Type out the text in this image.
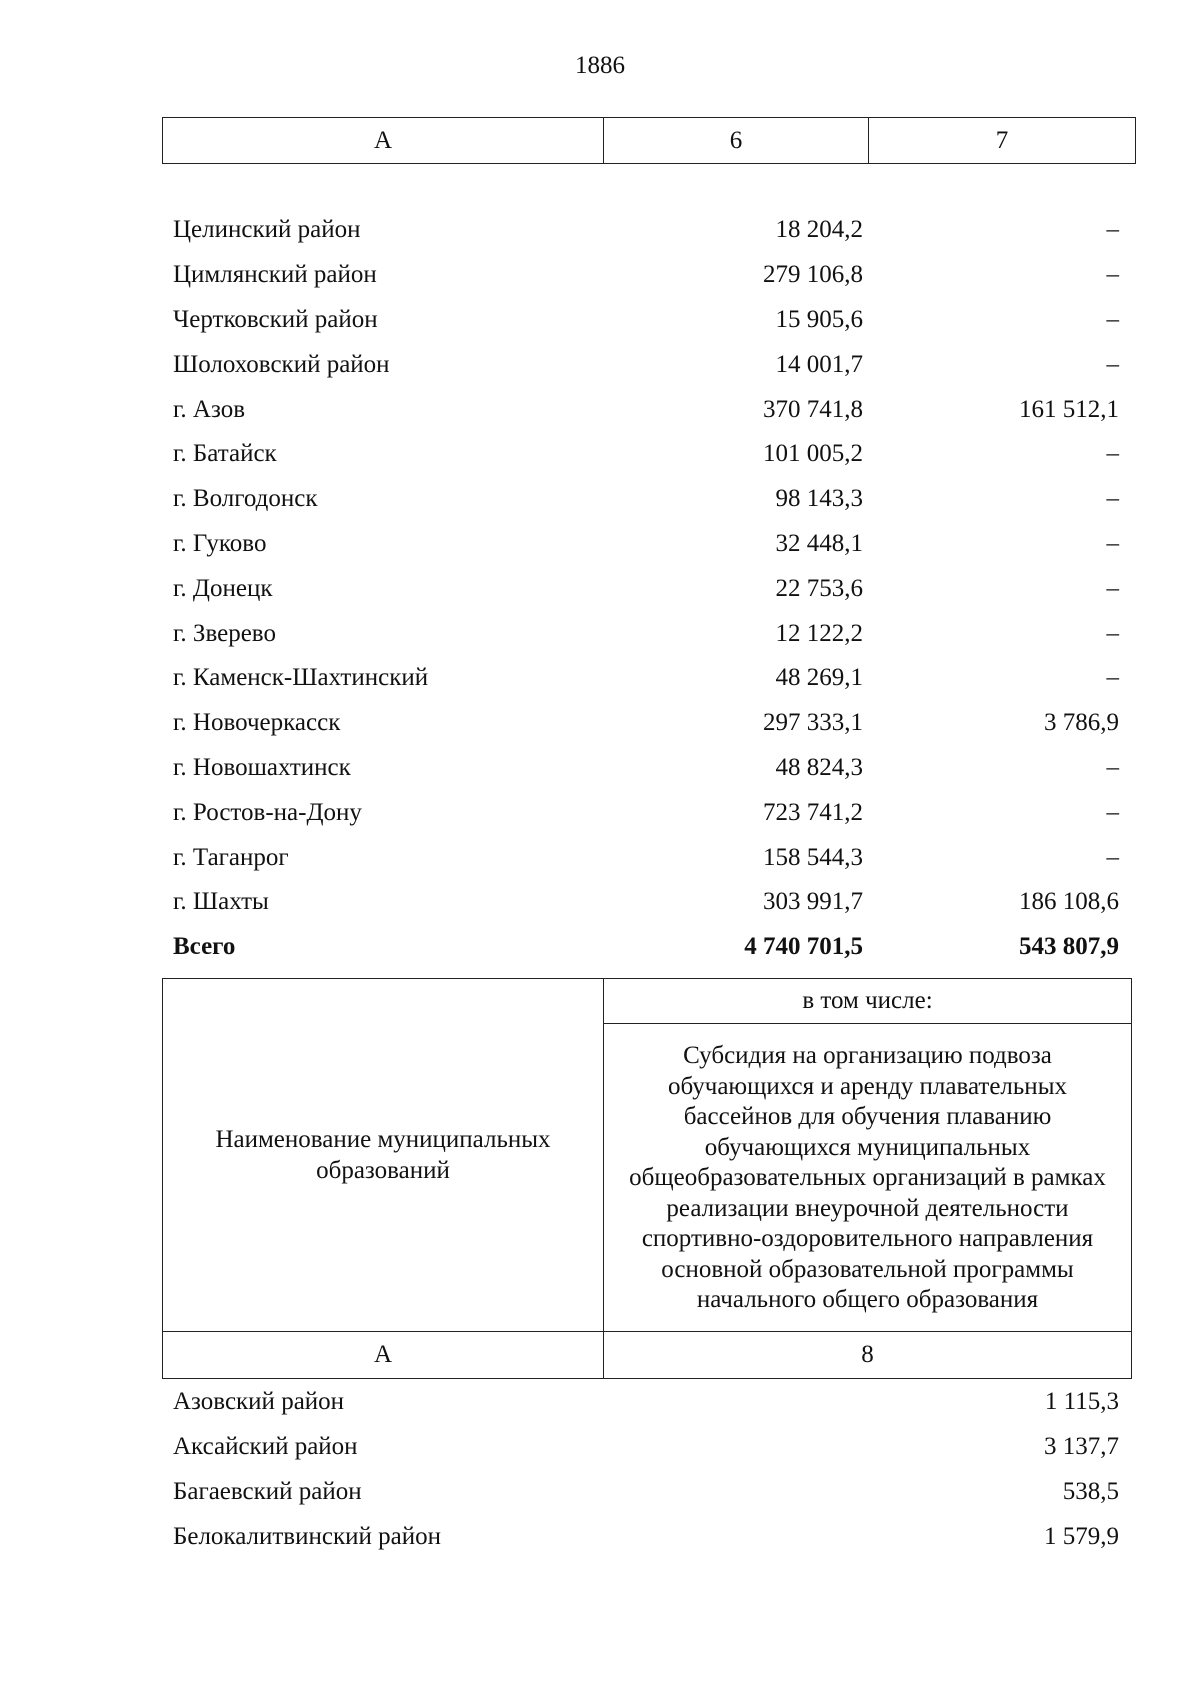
1886
А	6	7
Целинский район	18 204,2	–
Цимлянский район	279 106,8	–
Чертковский район	15 905,6	–
Шолоховский район	14 001,7	–
г. Азов	370 741,8	161 512,1
г. Батайск	101 005,2	–
г. Волгодонск	98 143,3	–
г. Гуково	32 448,1	–
г. Донецк	22 753,6	–
г. Зверево	12 122,2	–
г. Каменск-Шахтинский	48 269,1	–
г. Новочеркасск	297 333,1	3 786,9
г. Новошахтинск	48 824,3	–
г. Ростов-на-Дону	723 741,2	–
г. Таганрог	158 544,3	–
г. Шахты	303 991,7	186 108,6
Всего	4 740 701,5	543 807,9
Наименование муниципальных образований	в том числе:
	Субсидия на организацию подвоза обучающихся и аренду плавательных бассейнов для обучения плаванию обучающихся муниципальных общеобразовательных организаций в рамках реализации внеурочной деятельности спортивно-оздоровительного направления основной образовательной программы начального общего образования
А	8
Азовский район	1 115,3
Аксайский район	3 137,7
Багаевский район	538,5
Белокалитвинский район	1 579,9
